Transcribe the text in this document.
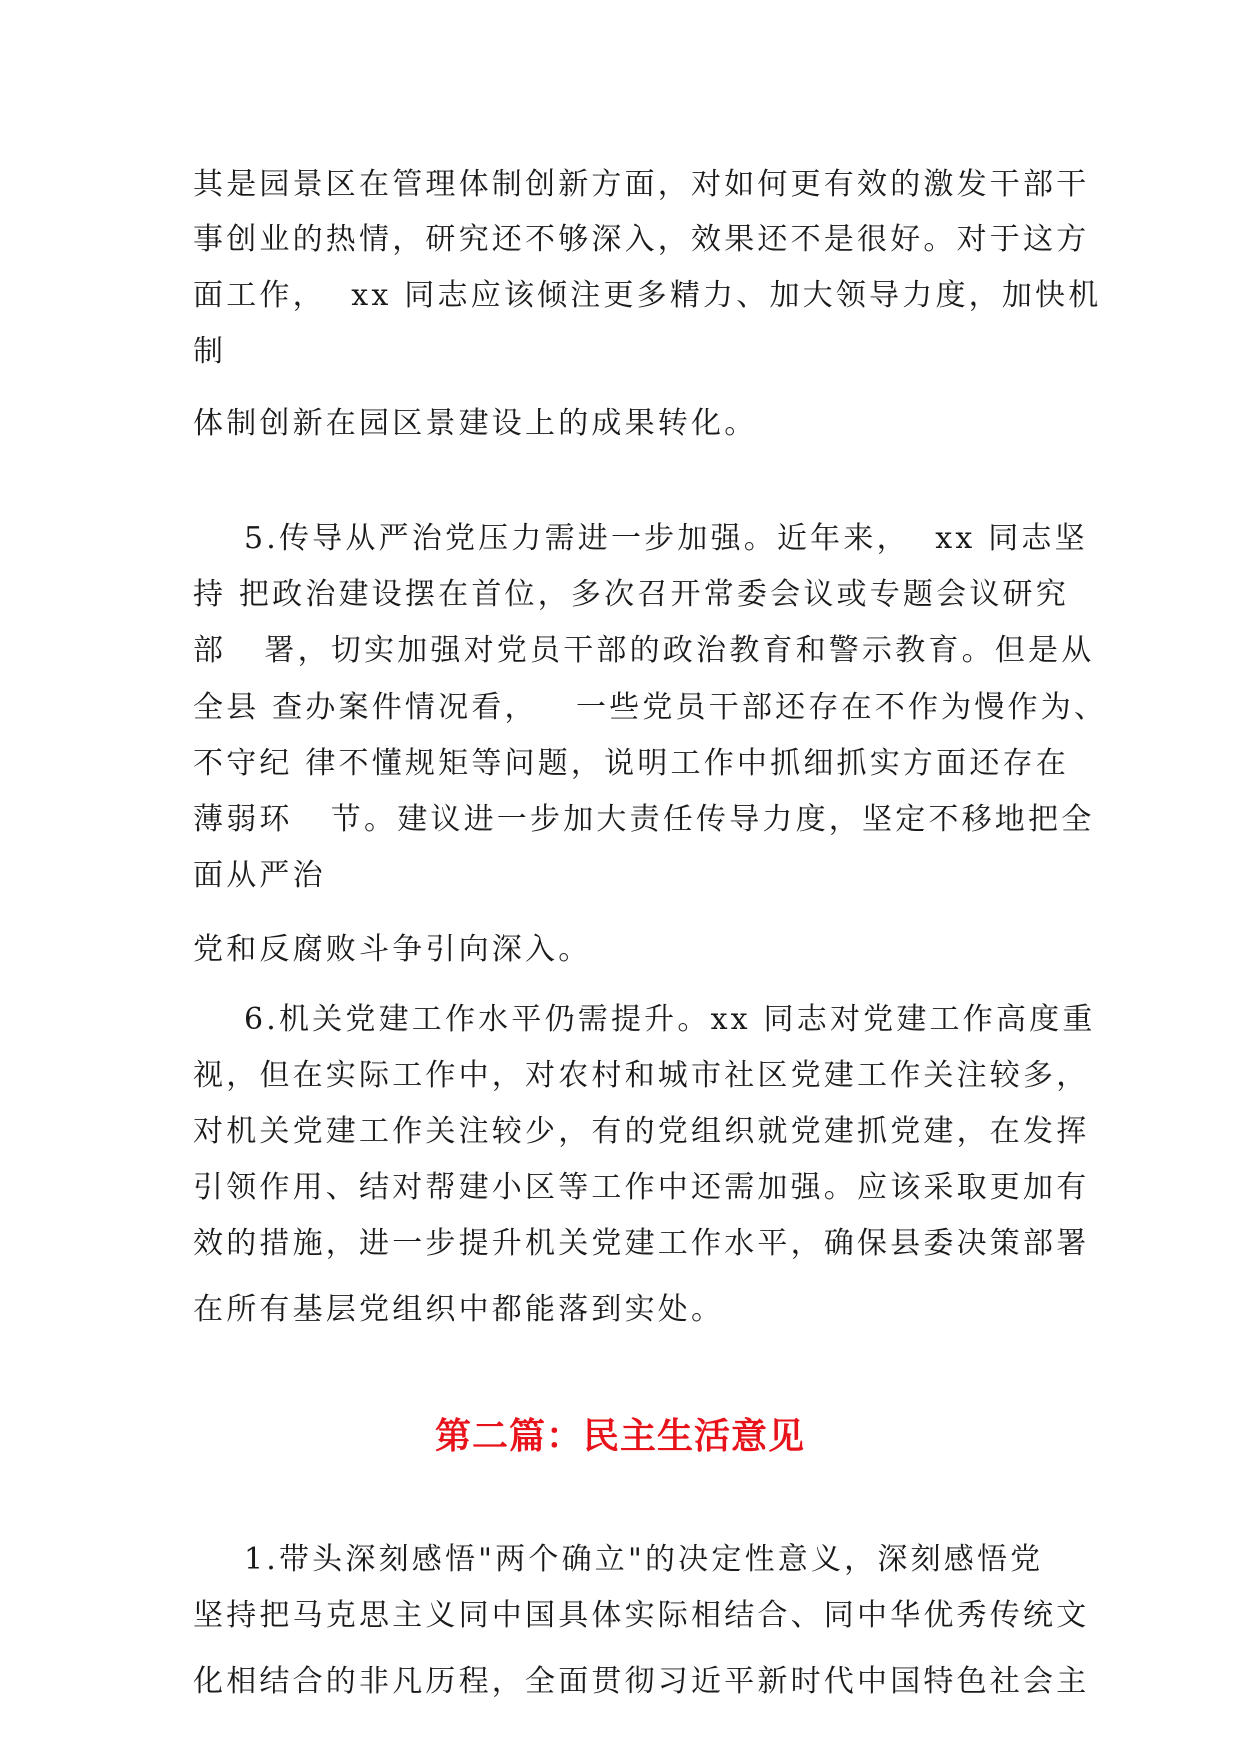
其是园景区在管理体制创新方面，对如何更有效的激发干部干
事创业的热情，研究还不够深入，效果还不是很好。对于这方
面工作，  xx 同志应该倾注更多精力、加大领导力度，加快机
制
体制创新在园区景建设上的成果转化。
5.传导从严治党压力需进一步加强。近年来，  xx 同志坚
持 把政治建设摆在首位，多次召开常委会议或专题会议研究
部   署，切实加强对党员干部的政治教育和警示教育。但是从
全县 查办案件情况看，   一些党员干部还存在不作为慢作为、
不守纪 律不懂规矩等问题，说明工作中抓细抓实方面还存在
薄弱环   节。建议进一步加大责任传导力度，坚定不移地把全
面从严治
党和反腐败斗争引向深入。
6.机关党建工作水平仍需提升。xx 同志对党建工作高度重
视，但在实际工作中，对农村和城市社区党建工作关注较多，
对机关党建工作关注较少，有的党组织就党建抓党建，在发挥
引领作用、结对帮建小区等工作中还需加强。应该采取更加有
效的措施，进一步提升机关党建工作水平，确保县委决策部署
在所有基层党组织中都能落到实处。
第二篇：民主生活意见
1.带头深刻感悟"两个确立"的决定性意义，深刻感悟党
坚持把马克思主义同中国具体实际相结合、同中华优秀传统文
化相结合的非凡历程，全面贯彻习近平新时代中国特色社会主
